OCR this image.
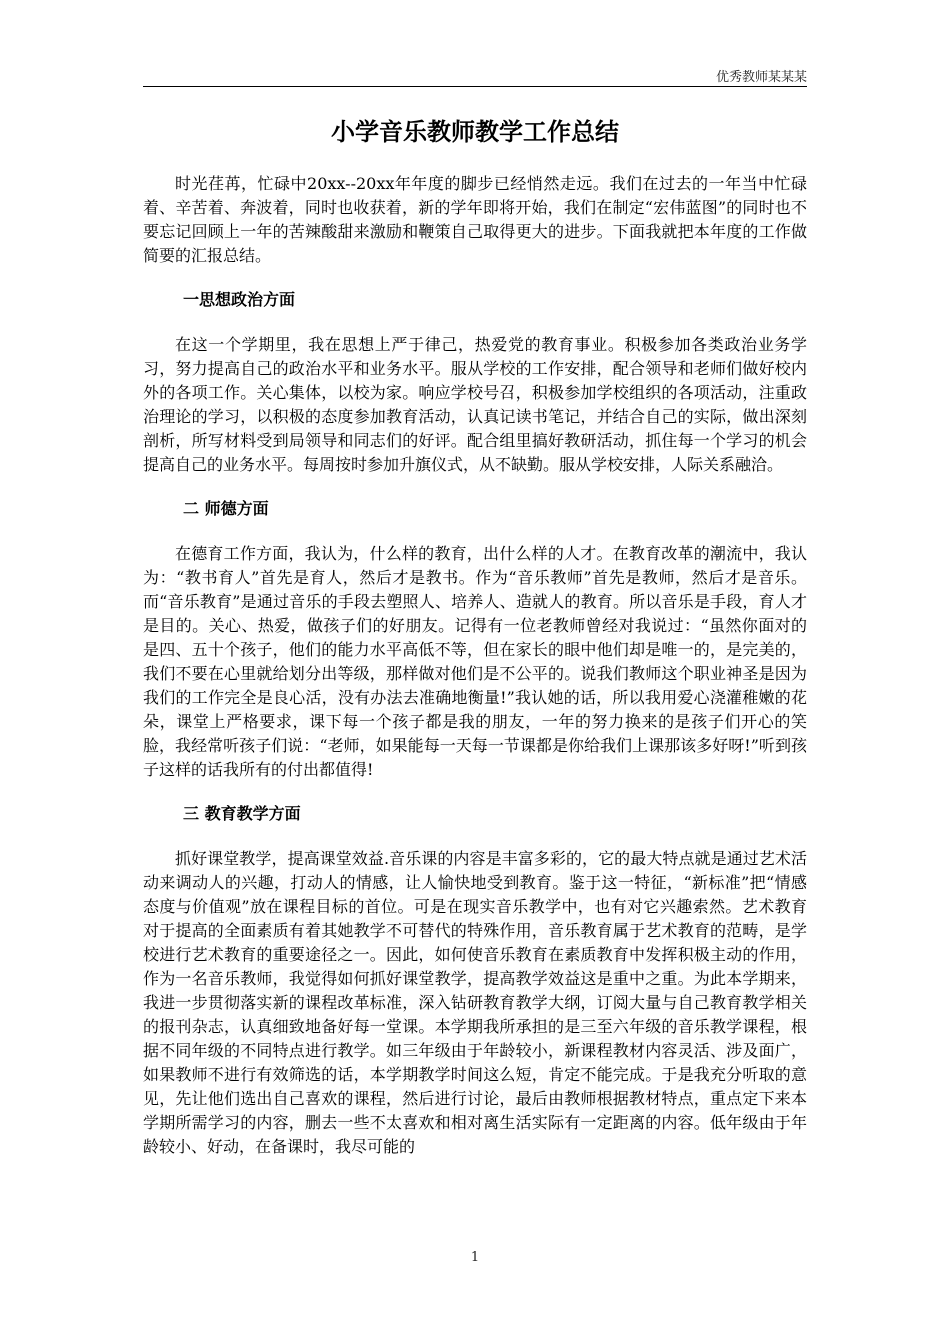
优秀教师某某某
小学音乐教师教学工作总结

时光荏苒，忙碌中20xx--20xx年年度的脚步已经悄然走远。我们在过去的一年当中忙碌着、辛苦着、奔波着，同时也收获着，新的学年即将开始，我们在制定“宏伟蓝图”的同时也不要忘记回顾上一年的苦辣酸甜来激励和鞭策自己取得更大的进步。下面我就把本年度的工作做简要的汇报总结。

一思想政治方面

在这一个学期里，我在思想上严于律己，热爱党的教育事业。积极参加各类政治业务学习，努力提高自己的政治水平和业务水平。服从学校的工作安排，配合领导和老师们做好校内外的各项工作。关心集体，以校为家。响应学校号召，积极参加学校组织的各项活动，注重政治理论的学习，以积极的态度参加教育活动，认真记读书笔记，并结合自己的实际，做出深刻剖析，所写材料受到局领导和同志们的好评。配合组里搞好教研活动，抓住每一个学习的机会提高自己的业务水平。每周按时参加升旗仪式，从不缺勤。服从学校安排，人际关系融洽。

二 师德方面

在德育工作方面，我认为，什么样的教育，出什么样的人才。在教育改革的潮流中，我认为：“教书育人”首先是育人，然后才是教书。作为“音乐教师”首先是教师，然后才是音乐。而“音乐教育”是通过音乐的手段去塑照人、培养人、造就人的教育。所以音乐是手段，育人才是目的。关心、热爱，做孩子们的好朋友。记得有一位老教师曾经对我说过：“虽然你面对的是四、五十个孩子，他们的能力水平高低不等，但在家长的眼中他们却是唯一的，是完美的，我们不要在心里就给划分出等级，那样做对他们是不公平的。说我们教师这个职业神圣是因为我们的工作完全是良心活，没有办法去准确地衡量!”我认她的话，所以我用爱心浇灌稚嫩的花朵，课堂上严格要求，课下每一个孩子都是我的朋友，一年的努力换来的是孩子们开心的笑脸，我经常听孩子们说：“老师，如果能每一天每一节课都是你给我们上课那该多好呀!”听到孩子这样的话我所有的付出都值得!

三 教育教学方面

抓好课堂教学，提高课堂效益.音乐课的内容是丰富多彩的，它的最大特点就是通过艺术活动来调动人的兴趣，打动人的情感，让人愉快地受到教育。鉴于这一特征，“新标准”把“情感态度与价值观”放在课程目标的首位。可是在现实音乐教学中，也有对它兴趣索然。艺术教育对于提高的全面素质有着其她教学不可替代的特殊作用，音乐教育属于艺术教育的范畴，是学校进行艺术教育的重要途径之一。因此，如何使音乐教育在素质教育中发挥积极主动的作用，作为一名音乐教师，我觉得如何抓好课堂教学，提高教学效益这是重中之重。为此本学期来，我进一步贯彻落实新的课程改革标准，深入钻研教育教学大纲，订阅大量与自己教育教学相关的报刊杂志，认真细致地备好每一堂课。本学期我所承担的是三至六年级的音乐教学课程，根据不同年级的不同特点进行教学。如三年级由于年龄较小，新课程教材内容灵活、涉及面广，如果教师不进行有效筛选的话，本学期教学时间这么短，肯定不能完成。于是我充分听取的意见，先让他们选出自己喜欢的课程，然后进行讨论，最后由教师根据教材特点，重点定下来本学期所需学习的内容，删去一些不太喜欢和相对离生活实际有一定距离的内容。低年级由于年龄较小、好动，在备课时，我尽可能的

1
